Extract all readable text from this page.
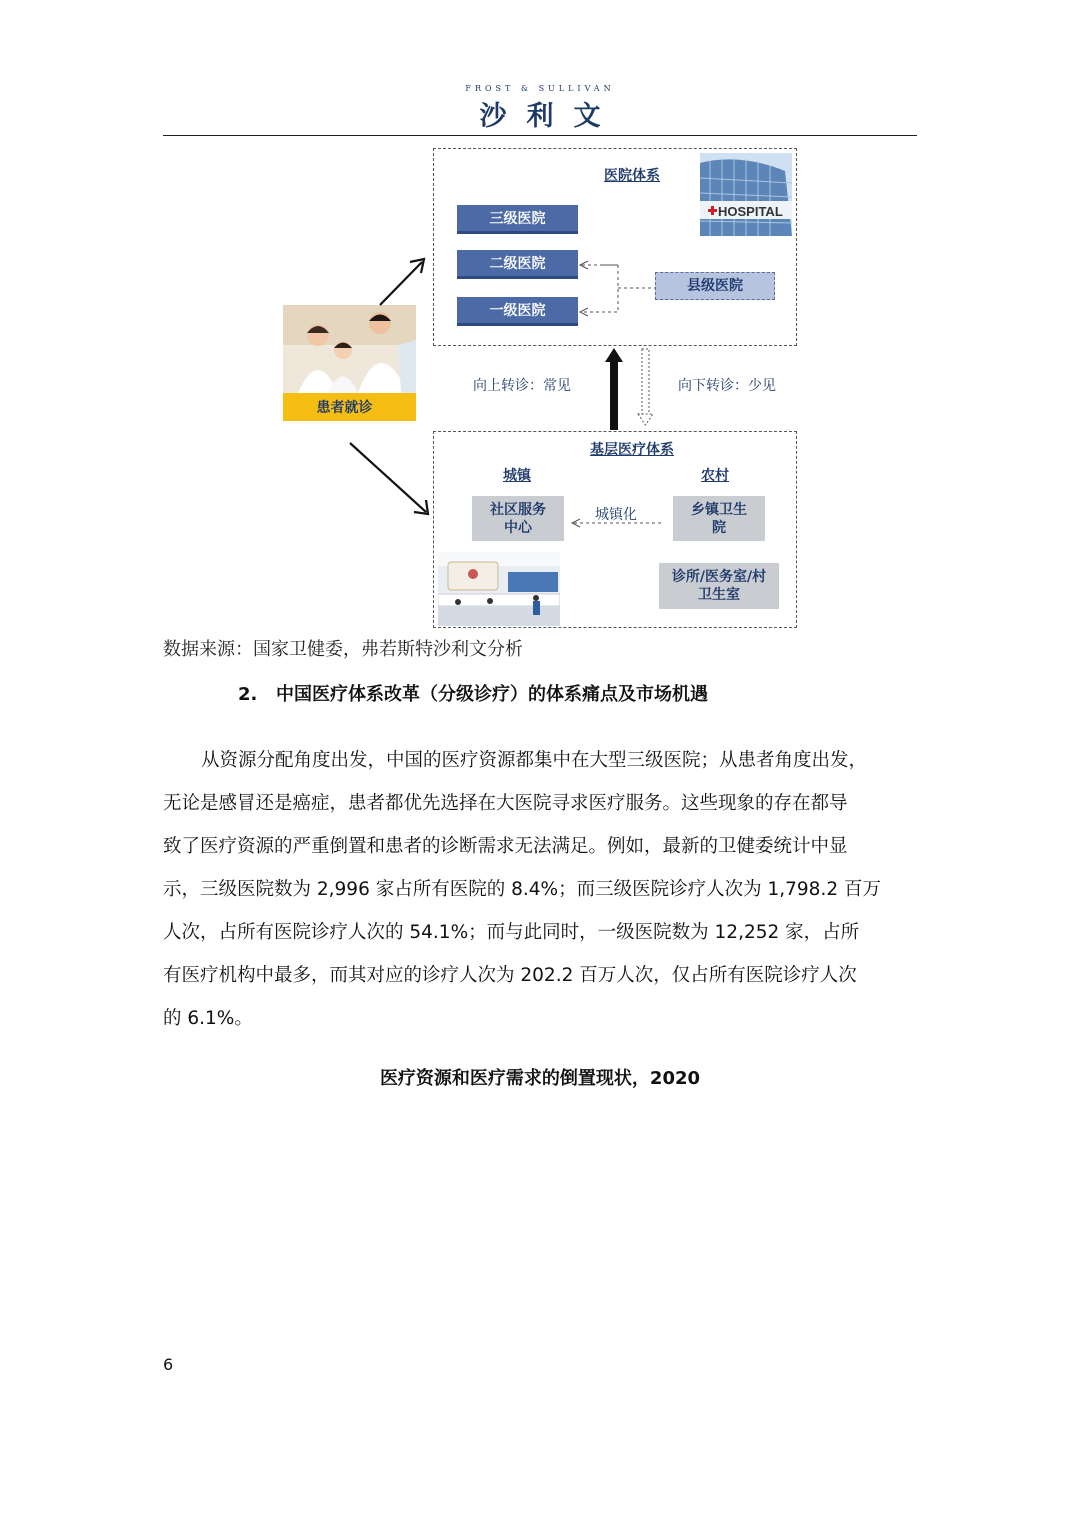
FROST & SULLIVAN
沙利文
医院体系
三级医院
二级医院
一级医院
县级医院
HOSPITAL
患者就诊
向上转诊：常见	向下转诊：少见
基层医疗体系
城镇	农村
社区服务中心
乡镇卫生院
诊所/医务室/村卫生室
城镇化
数据来源：国家卫健委，弗若斯特沙利文分析
2. 中国医疗体系改革（分级诊疗）的体系痛点及市场机遇
从资源分配角度出发，中国的医疗资源都集中在大型三级医院；从患者角度出发，
无论是感冒还是癌症，患者都优先选择在大医院寻求医疗服务。这些现象的存在都导
致了医疗资源的严重倒置和患者的诊断需求无法满足。例如，最新的卫健委统计中显
示，三级医院数为 2,996 家占所有医院的 8.4%；而三级医院诊疗人次为 1,798.2 百万
人次，占所有医院诊疗人次的 54.1%；而与此同时，一级医院数为 12,252 家，占所
有医疗机构中最多，而其对应的诊疗人次为 202.2 百万人次，仅占所有医院诊疗人次
的 6.1%。
医疗资源和医疗需求的倒置现状，2020
6
